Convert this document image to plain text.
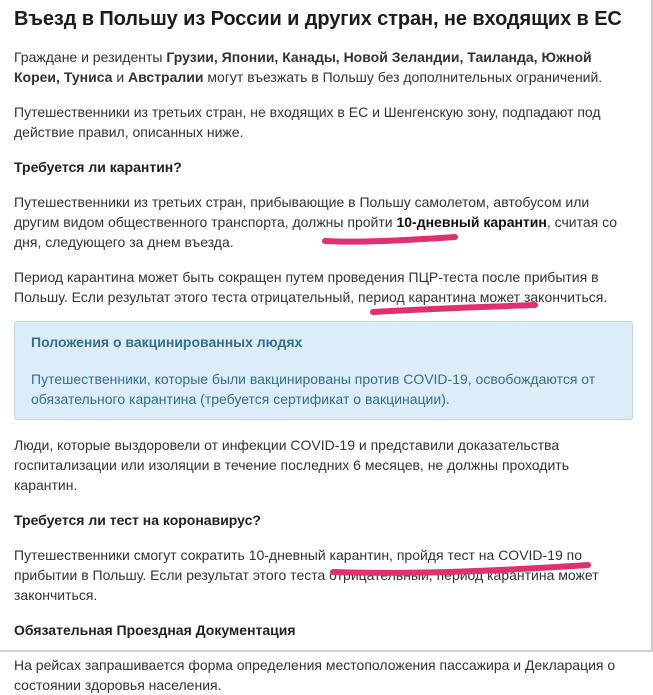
Въезд в Польшу из России и других стран, не входящих в ЕС

Граждане и резиденты Грузии, Японии, Канады, Новой Зеландии, Таиланда, Южной Кореи, Туниса и Австралии могут въезжать в Польшу без дополнительных ограничений.

Путешественники из третьих стран, не входящих в ЕС и Шенгенскую зону, подпадают под действие правил, описанных ниже.

Требуется ли карантин?

Путешественники из третьих стран, прибывающие в Польшу самолетом, автобусом или другим видом общественного транспорта, должны пройти 10-дневный карантин, считая со дня, следующего за днем въезда.

Период карантина может быть сокращен путем проведения ПЦР-теста после прибытия в Польшу. Если результат этого теста отрицательный, период карантина может закончиться.

Положения о вакцинированных людях
Путешественники, которые были вакцинированы против COVID-19, освобождаются от обязательного карантина (требуется сертификат о вакцинации).

Люди, которые выздоровели от инфекции COVID-19 и представили доказательства госпитализации или изоляции в течение последних 6 месяцев, не должны проходить карантин.

Требуется ли тест на коронавирус?

Путешественники смогут сократить 10-дневный карантин, пройдя тест на COVID-19 по прибытии в Польшу. Если результат этого теста отрицательный, период карантина может закончиться.

Обязательная Проездная Документация

На рейсах запрашивается форма определения местоположения пассажира и Декларация о состоянии здоровья населения.
